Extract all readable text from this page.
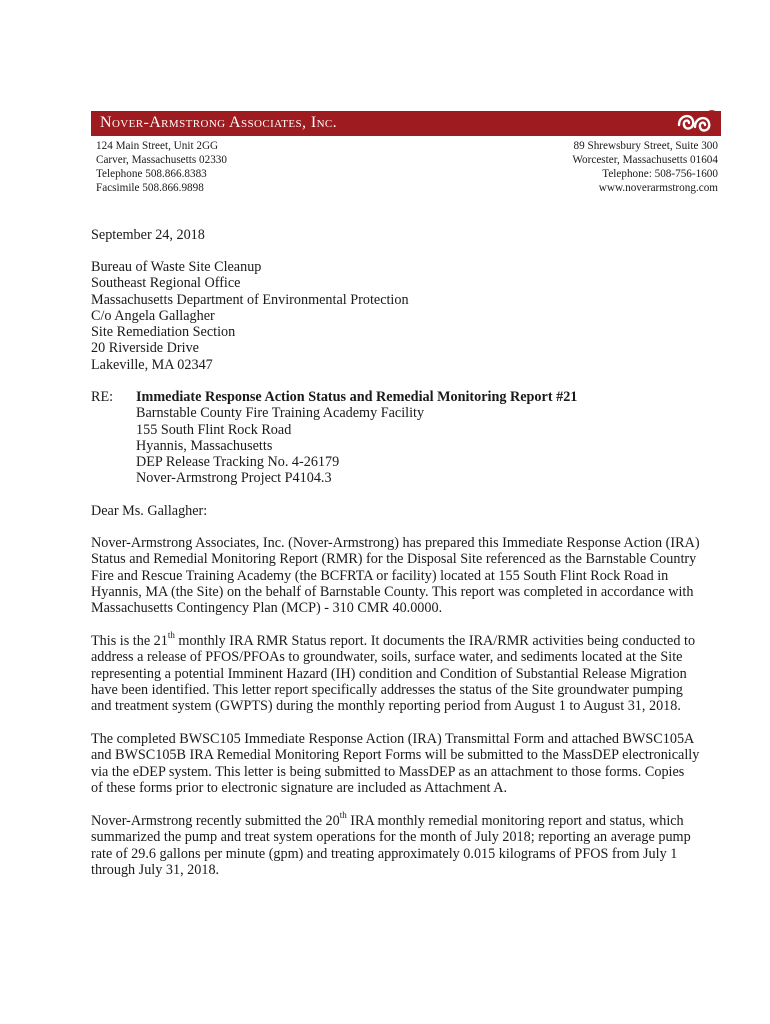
Nover-Armstrong Associates, Inc.
124 Main Street, Unit 2GG
Carver, Massachusetts 02330
Telephone 508.866.8383
Facsimile 508.866.9898
89 Shrewsbury Street, Suite 300
Worcester, Massachusetts 01604
Telephone: 508-756-1600
www.noverarmstrong.com
September 24, 2018
Bureau of Waste Site Cleanup
Southeast Regional Office
Massachusetts Department of Environmental Protection
C/o Angela Gallagher
Site Remediation Section
20 Riverside Drive
Lakeville, MA 02347
RE: Immediate Response Action Status and Remedial Monitoring Report #21
Barnstable County Fire Training Academy Facility
155 South Flint Rock Road
Hyannis, Massachusetts
DEP Release Tracking No. 4-26179
Nover-Armstrong Project P4104.3
Dear Ms. Gallagher:
Nover-Armstrong Associates, Inc. (Nover-Armstrong) has prepared this Immediate Response Action (IRA)
Status and Remedial Monitoring Report (RMR) for the Disposal Site referenced as the Barnstable Country
Fire and Rescue Training Academy (the BCFRTA or facility) located at 155 South Flint Rock Road in
Hyannis, MA (the Site) on the behalf of Barnstable County. This report was completed in accordance with
Massachusetts Contingency Plan (MCP) - 310 CMR 40.0000.
This is the 21th monthly IRA RMR Status report. It documents the IRA/RMR activities being conducted to
address a release of PFOS/PFOAs to groundwater, soils, surface water, and sediments located at the Site
representing a potential Imminent Hazard (IH) condition and Condition of Substantial Release Migration
have been identified. This letter report specifically addresses the status of the Site groundwater pumping
and treatment system (GWPTS) during the monthly reporting period from August 1 to August 31, 2018.
The completed BWSC105 Immediate Response Action (IRA) Transmittal Form and attached BWSC105A
and BWSC105B IRA Remedial Monitoring Report Forms will be submitted to the MassDEP electronically
via the eDEP system. This letter is being submitted to MassDEP as an attachment to those forms. Copies
of these forms prior to electronic signature are included as Attachment A.
Nover-Armstrong recently submitted the 20th IRA monthly remedial monitoring report and status, which
summarized the pump and treat system operations for the month of July 2018; reporting an average pump
rate of 29.6 gallons per minute (gpm) and treating approximately 0.015 kilograms of PFOS from July 1
through July 31, 2018.
